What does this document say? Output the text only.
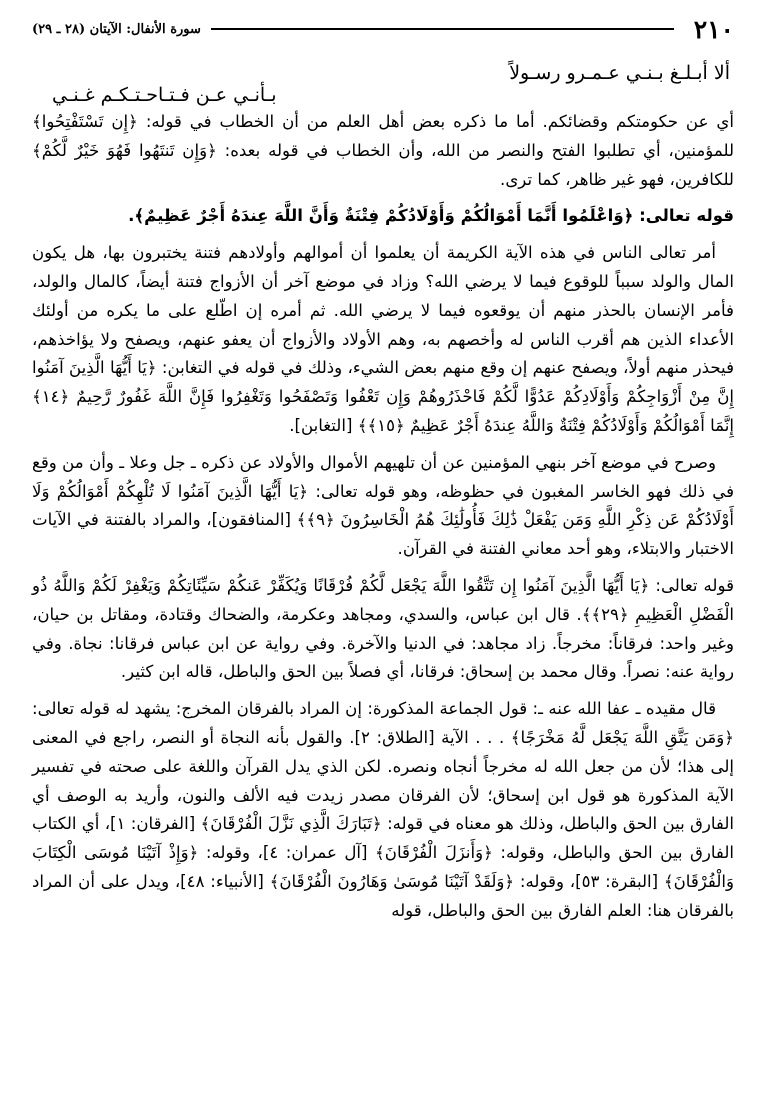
٢١٠
سورة الأنفال: الآيتان (٢٨ ـ ٢٩)
ألا أبـلـغ بـنـي عـمـرو رسـولاً
بـأنـي عـن فـتـاحـتـكـم غـنـي

أي عن حكومتكم وقضائكم. أما ما ذكره بعض أهل العلم من أن الخطاب في قوله: ﴿إِن تَسْتَفْتِحُوا﴾ للمؤمنين، أي تطلبوا الفتح والنصر من الله، وأن الخطاب في قوله بعده: ﴿وَإِن تَنتَهُوا فَهُوَ خَيْرٌ لَّكُمْ﴾ للكافرين، فهو غير ظاهر، كما ترى.

قوله تعالى: ﴿وَاعْلَمُوا أَنَّمَا أَمْوَالُكُمْ وَأَوْلَادُكُمْ فِتْنَةٌ وَأَنَّ اللَّهَ عِندَهُ أَجْرٌ عَظِيمٌ﴾.

أمر تعالى الناس في هذه الآية الكريمة أن يعلموا أن أموالهم وأولادهم فتنة يختبرون بها، هل يكون المال والولد سبباً للوقوع فيما لا يرضي الله؟ وزاد في موضع آخر أن الأزواج فتنة أيضاً، كالمال والولد، فأمر الإنسان بالحذر منهم أن يوقعوه فيما لا يرضي الله. ثم أمره إن اطّلع على ما يكره من أولئك الأعداء الذين هم أقرب الناس له وأخصهم به، وهم الأولاد والأزواج أن يعفو عنهم، ويصفح ولا يؤاخذهم، فيحذر منهم أولاً، ويصفح عنهم إن وقع منهم بعض الشيء، وذلك في قوله في التغابن: ﴿يَا أَيُّهَا الَّذِينَ آمَنُوا إِنَّ مِنْ أَزْوَاجِكُمْ وَأَوْلَادِكُمْ عَدُوًّا لَّكُمْ فَاحْذَرُوهُمْ وَإِن تَعْفُوا وَتَصْفَحُوا وَتَغْفِرُوا فَإِنَّ اللَّهَ غَفُورٌ رَّحِيمٌ ﴿١٤﴾ إِنَّمَا أَمْوَالُكُمْ وَأَوْلَادُكُمْ فِتْنَةٌ وَاللَّهُ عِندَهُ أَجْرٌ عَظِيمٌ ﴿١٥﴾﴾ [التغابن].

وصرح في موضع آخر بنهي المؤمنين عن أن تلهيهم الأموال والأولاد عن ذكره ـ جل وعلا ـ وأن من وقع في ذلك فهو الخاسر المغبون في حظوظه، وهو قوله تعالى: ﴿يَا أَيُّهَا الَّذِينَ آمَنُوا لَا تُلْهِكُمْ أَمْوَالُكُمْ وَلَا أَوْلَادُكُمْ عَن ذِكْرِ اللَّهِ وَمَن يَفْعَلْ ذَٰلِكَ فَأُولَٰئِكَ هُمُ الْخَاسِرُونَ ﴿٩﴾﴾ [المنافقون]، والمراد بالفتنة في الآيات الاختبار والابتلاء، وهو أحد معاني الفتنة في القرآن.

قوله تعالى: ﴿يَا أَيُّهَا الَّذِينَ آمَنُوا إِن تَتَّقُوا اللَّهَ يَجْعَل لَّكُمْ فُرْقَانًا وَيُكَفِّرْ عَنكُمْ سَيِّئَاتِكُمْ وَيَغْفِرْ لَكُمْ وَاللَّهُ ذُو الْفَضْلِ الْعَظِيمِ ﴿٢٩﴾﴾. قال ابن عباس، والسدي، ومجاهد وعكرمة، والضحاك وقتادة، ومقاتل بن حيان، وغير واحد: فرقاناً: مخرجاً. زاد مجاهد: في الدنيا والآخرة. وفي رواية عن ابن عباس فرقانا: نجاة. وفي رواية عنه: نصراً. وقال محمد بن إسحاق: فرقانا، أي فصلاً بين الحق والباطل، قاله ابن كثير.

قال مقيده ـ عفا الله عنه ـ: قول الجماعة المذكورة: إن المراد بالفرقان المخرج: يشهد له قوله تعالى: ﴿وَمَن يَتَّقِ اللَّهَ يَجْعَل لَّهُ مَخْرَجًا﴾ . . . الآية [الطلاق: ٢]. والقول بأنه النجاة أو النصر، راجع في المعنى إلى هذا؛ لأن من جعل الله له مخرجاً أنجاه ونصره. لكن الذي يدل القرآن واللغة على صحته في تفسير الآية المذكورة هو قول ابن إسحاق؛ لأن الفرقان مصدر زيدت فيه الألف والنون، وأريد به الوصف أي الفارق بين الحق والباطل، وذلك هو معناه في قوله: ﴿تَبَارَكَ الَّذِي نَزَّلَ الْفُرْقَانَ﴾ [الفرقان: ١]، أي الكتاب الفارق بين الحق والباطل، وقوله: ﴿وَأَنزَلَ الْفُرْقَانَ﴾ [آل عمران: ٤]، وقوله: ﴿وَإِذْ آتَيْنَا مُوسَى الْكِتَابَ وَالْفُرْقَانَ﴾ [البقرة: ٥٣]، وقوله: ﴿وَلَقَدْ آتَيْنَا مُوسَىٰ وَهَارُونَ الْفُرْقَانَ﴾ [الأنبياء: ٤٨]، ويدل على أن المراد بالفرقان هنا: العلم الفارق بين الحق والباطل، قوله
